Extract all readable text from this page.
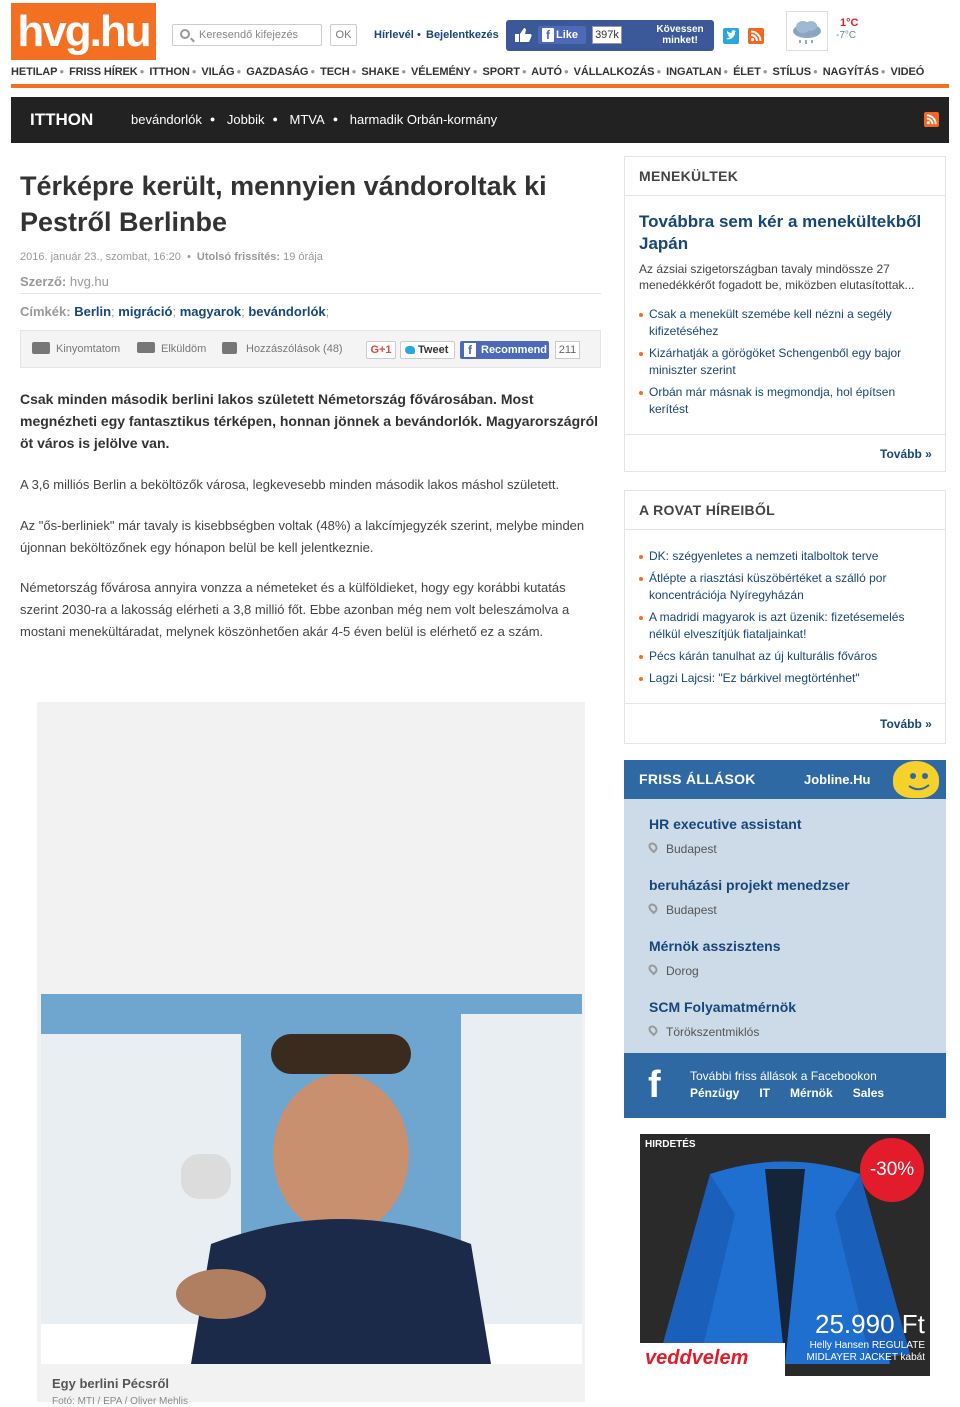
hvg.hu	Keresendő kifejezés	OK	Hírlevél • Bejelentkezés	f Like	397k	Kövessen minket!
1°C
-7°C
HETILAP ● FRISS HÍREK ● ITTHON ● VILÁG ● GAZDASÁG ● TECH ● SHAKE ● VÉLEMÉNY ● SPORT ● AUTÓ ● VÁLLALKOZÁS ● INGATLAN ● ÉLET ● STÍLUS ● NAGYÍTÁS ● VIDEÓ
ITTHON	bevándorlók ● Jobbik ● MTVA ● harmadik Orbán-kormány
Térképre került, mennyien vándoroltak ki Pestről Berlinbe
2016. január 23., szombat, 16:20  •  Utolsó frissítés: 19 órája
Szerző: hvg.hu
Címkék: Berlin; migráció; magyarok; bevándorlók;
Kinyomtatom	Elküldöm	Hozzászólások (48)	G+1	Tweet	f Recommend	211

Csak minden második berlini lakos született Németország fővárosában. Most megnézheti egy fantasztikus térképen, honnan jönnek a bevándorlók. Magyarországról öt város is jelölve van.

A 3,6 milliós Berlin a beköltözők városa, legkevesebb minden második lakos máshol született.

Az "ős-berliniek" már tavaly is kisebbségben voltak (48%) a lakcímjegyzék szerint, melybe minden újonnan beköltözőnek egy hónapon belül be kell jelentkeznie.

Németország fővárosa annyira vonzza a németeket és a külföldieket, hogy egy korábbi kutatás szerint 2030-ra a lakosság elérheti a 3,8 millió főt. Ebbe azonban még nem volt beleszámolva a mostani menekültáradat, melynek köszönhetően akár 4-5 éven belül is elérhető ez a szám.

Egy berlini Pécsről
Fotó: MTI / EPA / Oliver Mehlis
MENEKÜLTEK
Továbbra sem kér a menekültekből Japán

Az ázsiai szigetországban tavaly mindössze 27 menedékkérőt fogadott be, miközben elutasítottak...

Csak a menekült szemébe kell nézni a segély kifizetéséhez
Kizárhatják a görögöket Schengenből egy bajor miniszter szerint
Orbán már másnak is megmondja, hol építsen kerítést
Tovább »
A ROVAT HÍREIBŐL
DK: szégyenletes a nemzeti italboltok terve
Átlépte a riasztási küszöbértéket a szálló por koncentrációja Nyíregyházán
A madridi magyarok is azt üzenik: fizetésemelés nélkül elveszítjük fiataljainkat!
Pécs kárán tanulhat az új kulturális főváros
Lagzi Lajcsi: "Ez bárkivel megtörténhet"
Tovább »
FRISS ÁLLÁSOK	Jobline.Hu
HR executive assistant
Budapest
beruházási projekt menedzser
Budapest
Mérnök asszisztens
Dorog
SCM Folyamatmérnök
Törökszentmiklós
f További friss állások a Facebookon
Pénzügy IT Mérnök Sales
HIRDETÉS
-30%
25.990 Ft
Helly Hansen REGULATE MIDLAYER JACKET kabát
veddvelem
